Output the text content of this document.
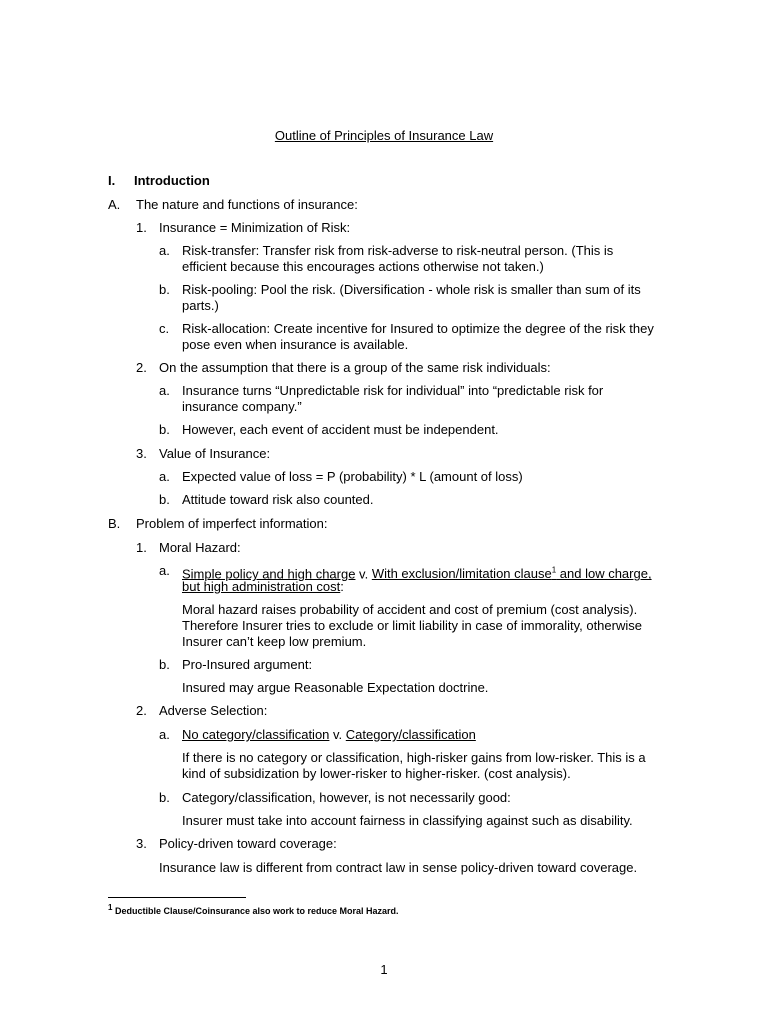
Outline of Principles of Insurance Law
I. Introduction
A. The nature and functions of insurance:
1. Insurance = Minimization of Risk:
a. Risk-transfer: Transfer risk from risk-adverse to risk-neutral person. (This is
efficient because this encourages actions otherwise not taken.)
b. Risk-pooling: Pool the risk. (Diversification - whole risk is smaller than sum of its
parts.)
c. Risk-allocation: Create incentive for Insured to optimize the degree of the risk they
pose even when insurance is available.
2. On the assumption that there is a group of the same risk individuals:
a. Insurance turns “Unpredictable risk for individual” into “predictable risk for
insurance company.”
b. However, each event of accident must be independent.
3. Value of Insurance:
a. Expected value of loss = P (probability) * L (amount of loss)
b. Attitude toward risk also counted.
B. Problem of imperfect information:
1. Moral Hazard:
a. Simple policy and high charge v. With exclusion/limitation clause$^1$ and low charge,
but high administration cost:
Moral hazard raises probability of accident and cost of premium (cost analysis).
Therefore Insurer tries to exclude or limit liability in case of immorality, otherwise
Insurer can’t keep low premium.
b. Pro-Insured argument:
Insured may argue Reasonable Expectation doctrine.
2. Adverse Selection:
a. No category/classification v. Category/classification
If there is no category or classification, high-risker gains from low-risker. This is a
kind of subsidization by lower-risker to higher-risker. (cost analysis).
b. Category/classification, however, is not necessarily good:
Insurer must take into account fairness in classifying against such as disability.
3. Policy-driven toward coverage:
Insurance law is different from contract law in sense policy-driven toward coverage.
$^1$ Deductible Clause/Coinsurance also work to reduce Moral Hazard.
1
